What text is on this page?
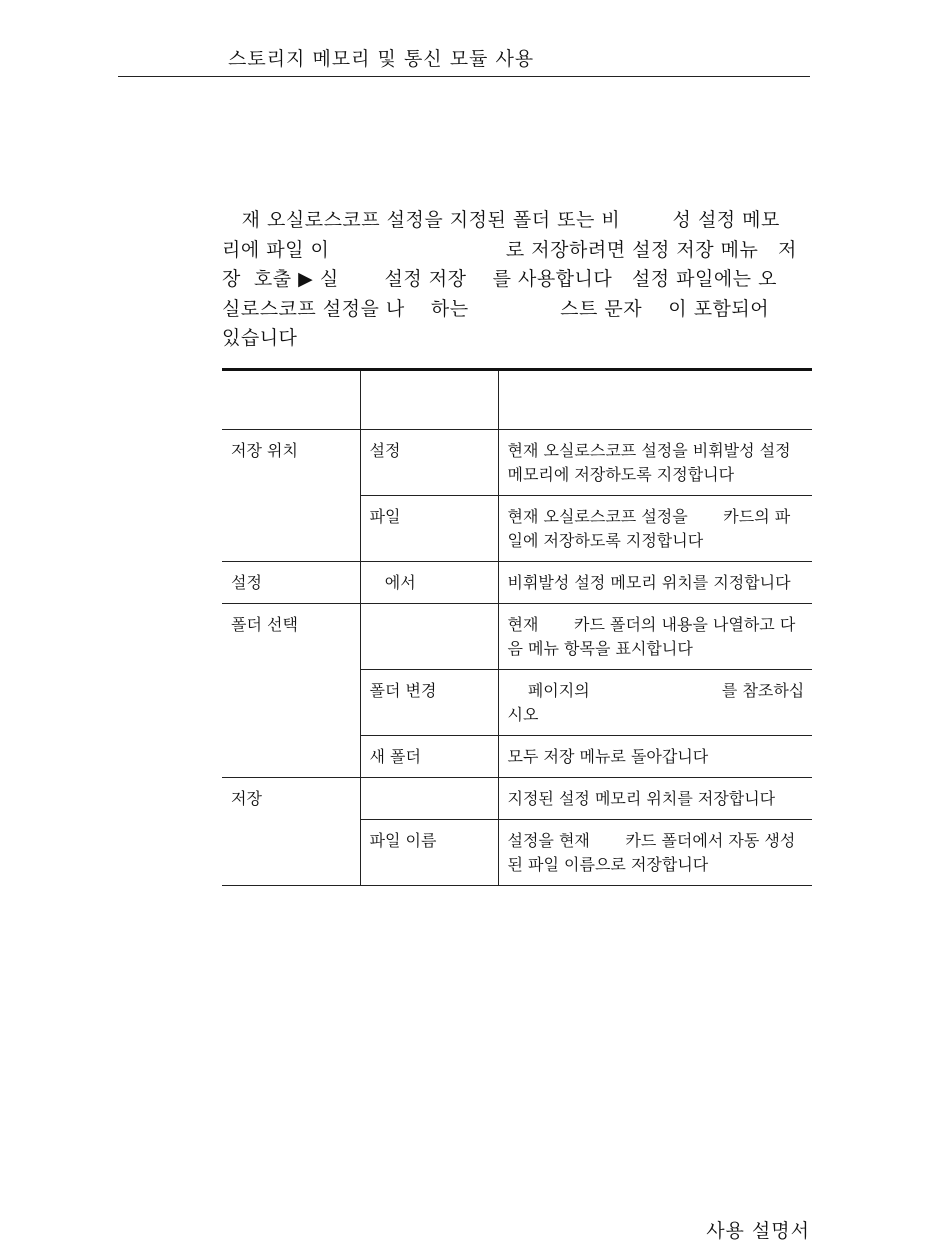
스토리지 메모리 및 통신 모듈 사용
재 오실로스코프 설정을 지정된 폴더 또는 비        성 설정 메모
리에 파일 이                           로 저장하려면 설정 저장 메뉴   저
장  호출 ▶ 실       설정 저장    를 사용합니다   설정 파일에는 오
실로스코프 설정을 나    하는              스트 문자    이 포함되어
있습니다

저장 위치	설정	현재 오실로스코프 설정을 비휘발성 설정
메모리에 저장하도록 지정합니다
	파일	현재 오실로스코프 설정을       카드의 파
일에 저장하도록 지정합니다
설정	에서	비휘발성 설정 메모리 위치를 지정합니다
폴더 선택		현재       카드 폴더의 내용을 나열하고 다
음 메뉴 항목을 표시합니다
	폴더 변경	페이지의                          를 참조하십
시오
	새 폴더	모두 저장 메뉴로 돌아갑니다
저장		지정된 설정 메모리 위치를 저장합니다
	파일 이름	설정을 현재       카드 폴더에서 자동 생성
된 파일 이름으로 저장합니다
사용 설명서
